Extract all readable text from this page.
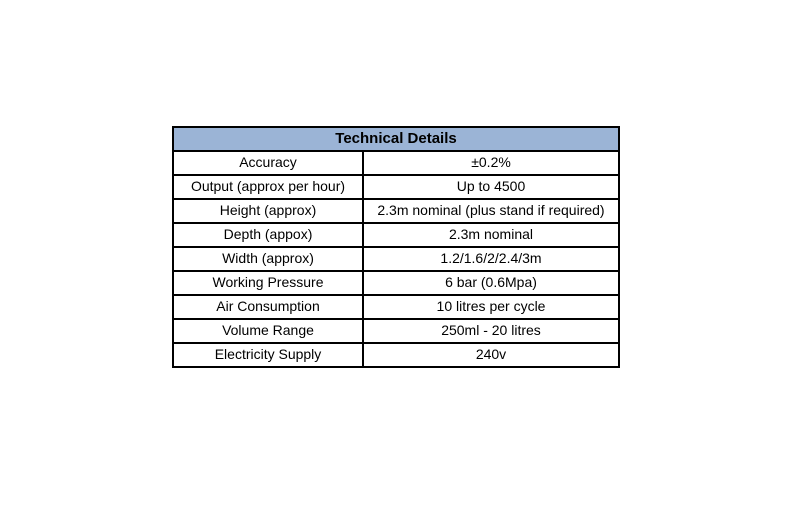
Technical Details	
Accuracy	±0.2%
Output (approx per hour)	Up to 4500
Height (approx)	2.3m nominal (plus stand if required)
Depth (appox)	2.3m nominal
Width (approx)	1.2/1.6/2/2.4/3m
Working Pressure	6 bar (0.6Mpa)
Air Consumption	10 litres per cycle
Volume Range	250ml - 20 litres
Electricity Supply	240v
